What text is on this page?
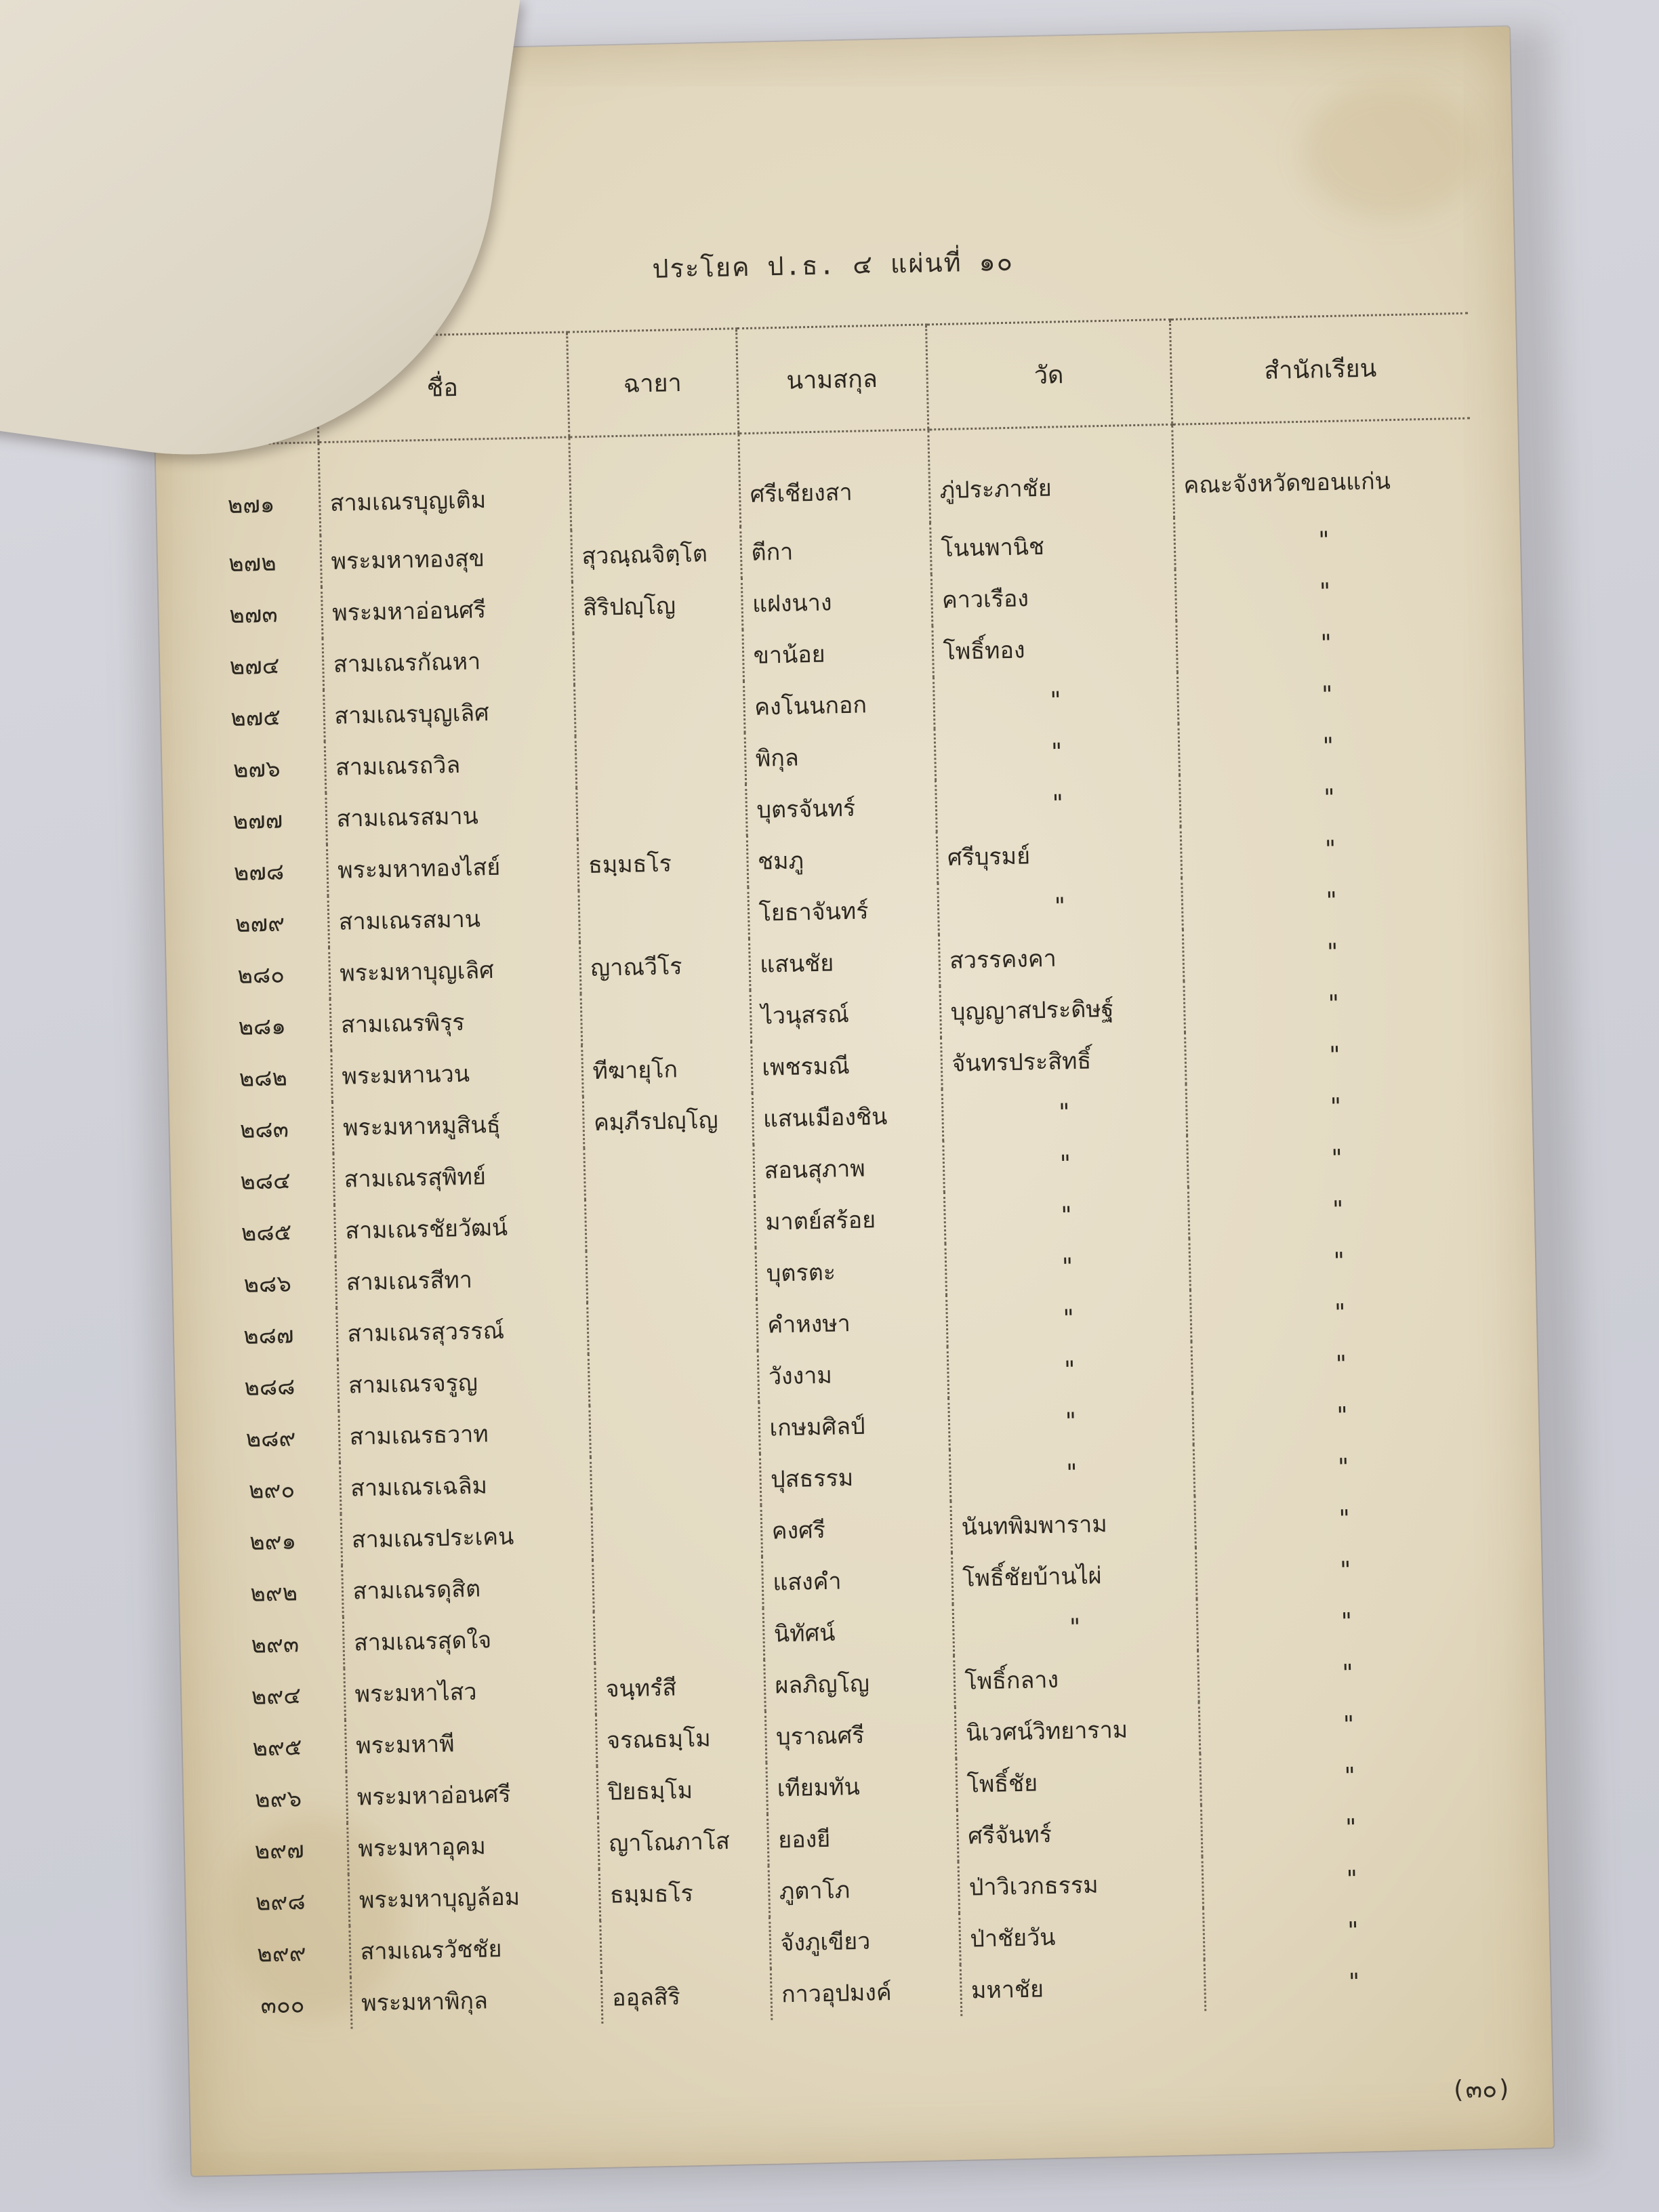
ประโยค ป.ธ. ๔ แผ่นที่ ๑๐
	ชื่อ	ฉายา	นามสกุล	วัด	สำนักเรียน
๒๗๑	สามเณรบุญเติม		ศรีเชียงสา	ภู่ประภาชัย	คณะจังหวัดขอนแก่น
๒๗๒	พระมหาทองสุข	สุวณฺณจิตฺโต	ตีกา	โนนพานิช	"
๒๗๓	พระมหาอ่อนศรี	สิริปญฺโญ	แฝงนาง	คาวเรือง	"
๒๗๔	สามเณรกัณหา		ขาน้อย	โพธิ์ทอง	"
๒๗๕	สามเณรบุญเลิศ		คงโนนกอก	"	"
๒๗๖	สามเณรถวิล		พิกุล	"	"
๒๗๗	สามเณรสมาน		บุตรจันทร์	"	"
๒๗๘	พระมหาทองไสย์	ธมฺมธโร	ชมภู	ศรีบุรมย์	"
๒๗๙	สามเณรสมาน		โยธาจันทร์	"	"
๒๘๐	พระมหาบุญเลิศ	ญาณวีโร	แสนชัย	สวรรคงคา	"
๒๘๑	สามเณรพิรุร		ไวนุสรณ์	บุญญาสประดิษฐ์	"
๒๘๒	พระมหานวน	ทีฆายุโก	เพชรมณี	จันทรประสิทธิ์	"
๒๘๓	พระมหาหมูสินธุ์	คมฺภีรปญฺโญ	แสนเมืองชิน	"	"
๒๘๔	สามเณรสุพิทย์		สอนสุภาพ	"	"
๒๘๕	สามเณรชัยวัฒน์		มาตย์สร้อย	"	"
๒๘๖	สามเณรสีทา		บุตรตะ	"	"
๒๘๗	สามเณรสุวรรณ์		คำหงษา	"	"
๒๘๘	สามเณรจรูญ		วังงาม	"	"
๒๘๙	สามเณรธวาท		เกษมศิลป์	"	"
๒๙๐	สามเณรเฉลิม		ปุสธรรม	"	"
๒๙๑	สามเณรประเคน		คงศรี	นันทพิมพาราม	"
๒๙๒	สามเณรดุสิต		แสงคำ	โพธิ์ชัยบ้านไผ่	"
๒๙๓	สามเณรสุดใจ		นิทัศน์	"	"
๒๙๔	พระมหาไสว	จนฺทรํสี	ผลภิญโญ	โพธิ์กลาง	"
๒๙๕	พระมหาพี	จรณธมฺโม	บุราณศรี	นิเวศน์วิทยาราม	"
๒๙๖	พระมหาอ่อนศรี	ปิยธมฺโม	เทียมทัน	โพธิ์ชัย	"
๒๙๗	พระมหาอุคม	ญาโณภาโส	ยองยี	ศรีจันทร์	"
๒๙๘	พระมหาบุญล้อม	ธมฺมธโร	ภูตาโภ	ป่าวิเวกธรรม	"
๒๙๙	สามเณรวัชชัย		จังภูเขียว	ป่าชัยวัน	"
๓๐๐	พระมหาพิกุล	ออุลสิริ	กาวอุปมงค์	มหาชัย	"
(๓๐)
